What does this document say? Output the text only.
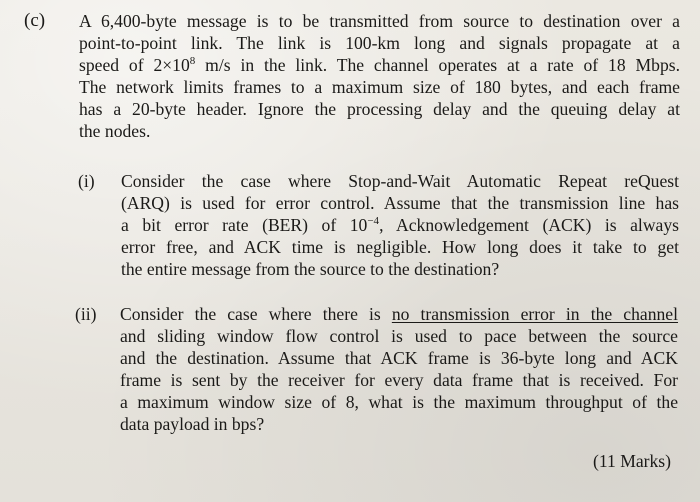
(c) A 6,400-byte message is to be transmitted from source to destination over a
point-to-point link. The link is 100-km long and signals propagate at a
speed of $2\times 10^8$ m/s in the link. The channel operates at a rate of 18 Mbps.
The network limits frames to a maximum size of 180 bytes, and each frame
has a 20-byte header. Ignore the processing delay and the queuing delay at
the nodes.

(i) Consider the case where Stop-and-Wait Automatic Repeat reQuest
(ARQ) is used for error control. Assume that the transmission line has
a bit error rate (BER) of $10^{-4}$, Acknowledgement (ACK) is always
error free, and ACK time is negligible. How long does it take to get
the entire message from the source to the destination?

(ii) Consider the case where there is no transmission error in the channel
and sliding window flow control is used to pace between the source
and the destination. Assume that ACK frame is 36-byte long and ACK
frame is sent by the receiver for every data frame that is received. For
a maximum window size of 8, what is the maximum throughput of the
data payload in bps?

(11 Marks)
